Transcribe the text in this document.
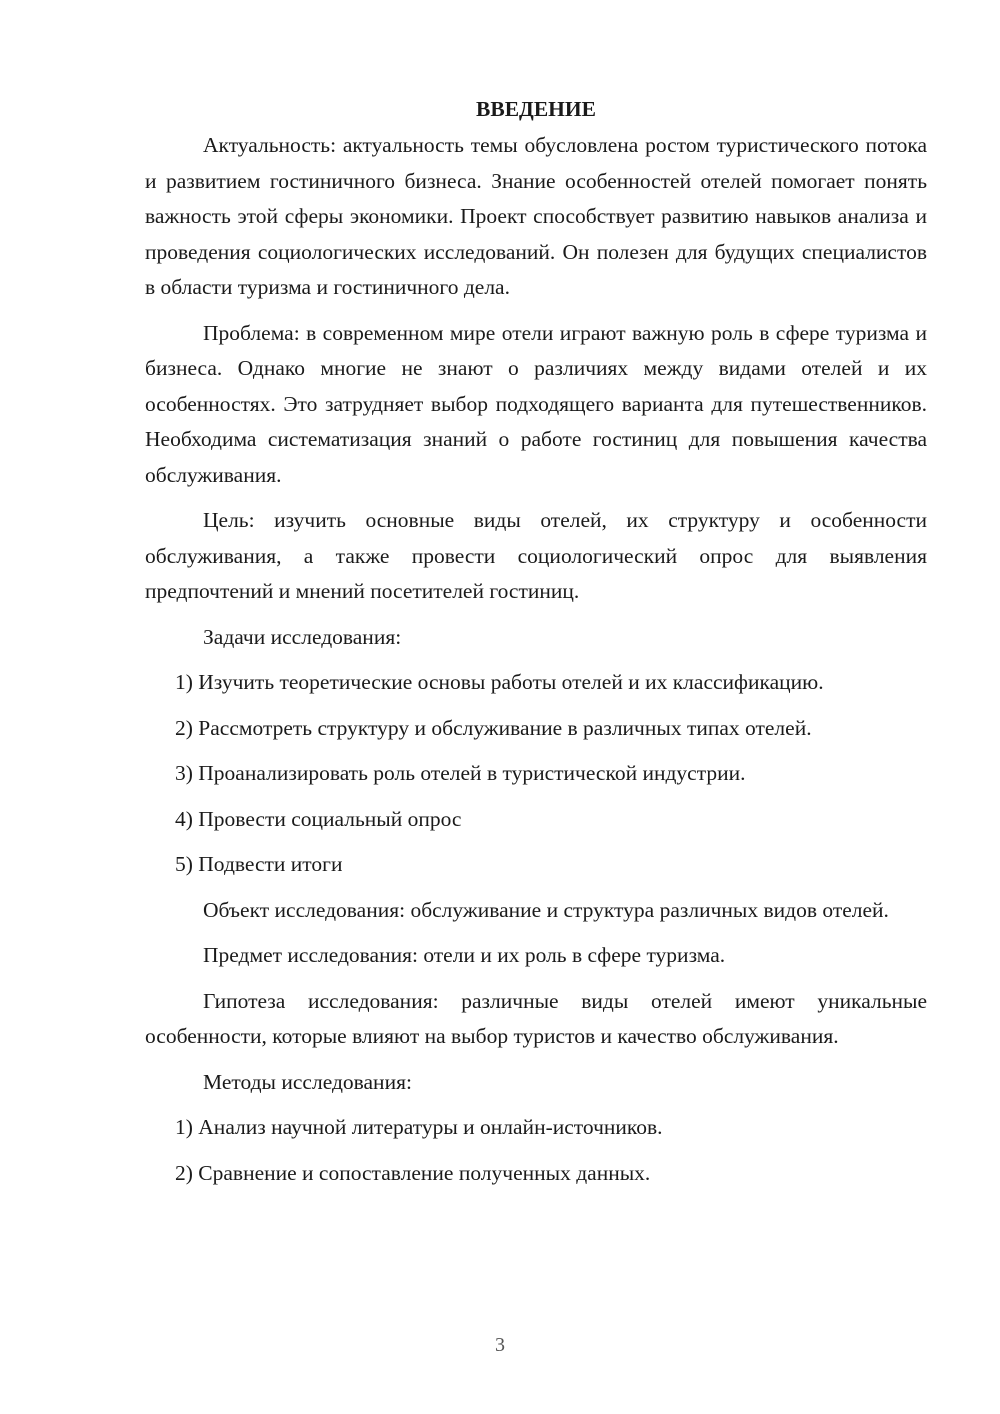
ВВЕДЕНИЕ

Актуальность: актуальность темы обусловлена ростом туристического потока и развитием гостиничного бизнеса. Знание особенностей отелей помогает понять важность этой сферы экономики. Проект способствует развитию навыков анализа и проведения социологических исследований. Он полезен для будущих специалистов в области туризма и гостиничного дела.

Проблема: в современном мире отели играют важную роль в сфере туризма и бизнеса. Однако многие не знают о различиях между видами отелей и их особенностях. Это затрудняет выбор подходящего варианта для путешественников. Необходима систематизация знаний о работе гостиниц для повышения качества обслуживания.

Цель: изучить основные виды отелей, их структуру и особенности обслуживания, а также провести социологический опрос для выявления предпочтений и мнений посетителей гостиниц.

Задачи исследования:

1) Изучить теоретические основы работы отелей и их классификацию.

2) Рассмотреть структуру и обслуживание в различных типах отелей.

3) Проанализировать роль отелей в туристической индустрии.

4) Провести социальный опрос

5) Подвести итоги

Объект исследования: обслуживание и структура различных видов отелей.

Предмет исследования: отели и их роль в сфере туризма.

Гипотеза исследования: различные виды отелей имеют уникальные особенности, которые влияют на выбор туристов и качество обслуживания.

Методы исследования:

1) Анализ научной литературы и онлайн-источников.

2) Сравнение и сопоставление полученных данных.

3
